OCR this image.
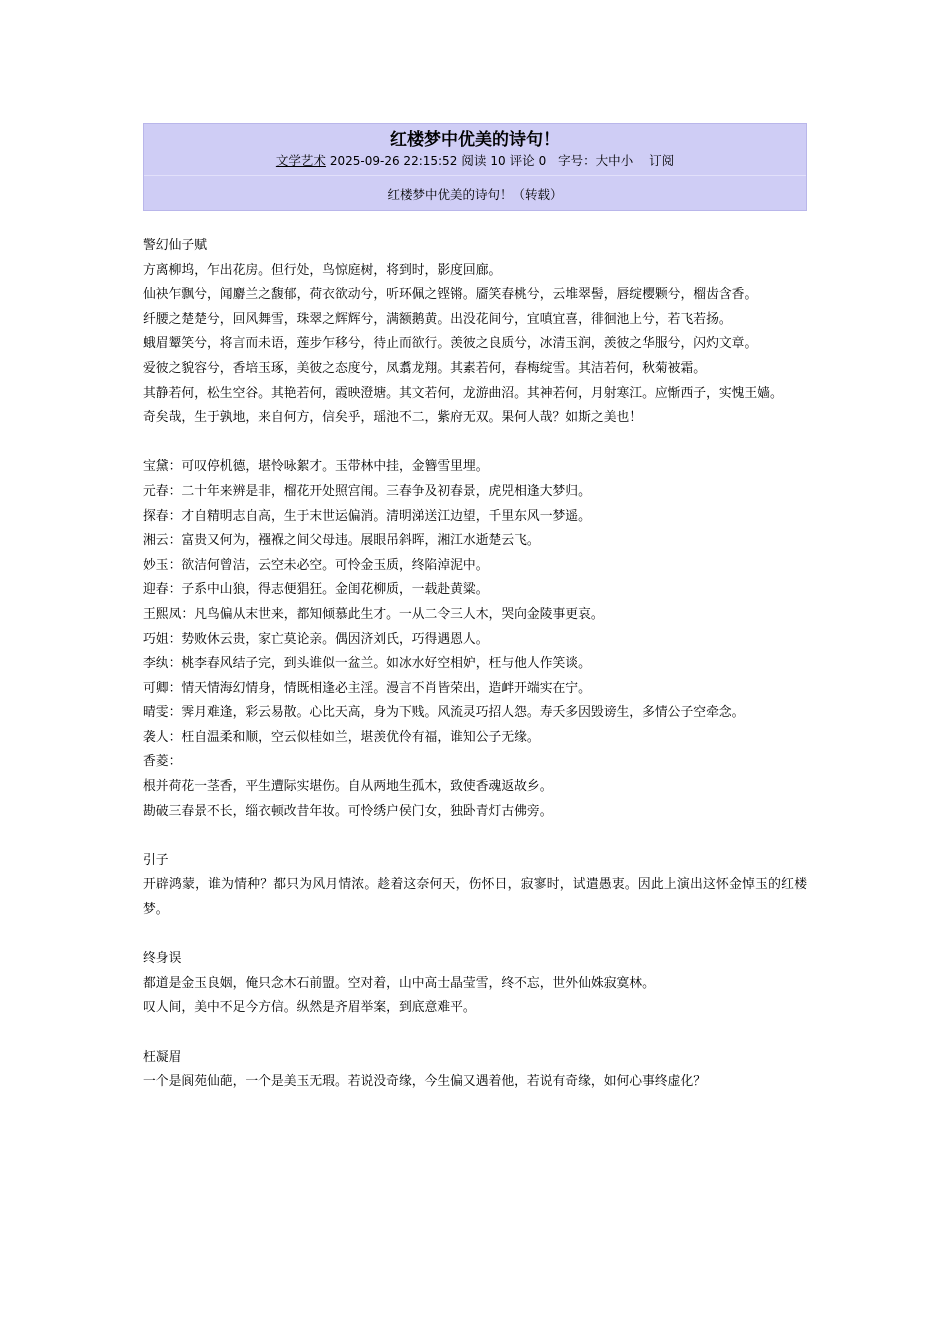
红楼梦中优美的诗句！
文学艺术 2025-09-26 22:15:52 阅读 10 评论 0 字号：大中小 订阅
红楼梦中优美的诗句！（转载）

警幻仙子赋

方离柳坞，乍出花房。但行处，鸟惊庭树，将到时，影度回廊。

仙袂乍飘兮，闻麝兰之馥郁，荷衣欲动兮，听环佩之铿锵。靥笑春桃兮，云堆翠髻，唇绽樱颗兮，榴齿含香。

纤腰之楚楚兮，回风舞雪，珠翠之辉辉兮，满额鹅黄。出没花间兮，宜嗔宜喜，徘徊池上兮，若飞若扬。

蛾眉颦笑兮，将言而未语，莲步乍移兮，待止而欲行。羡彼之良质兮，冰清玉润，羡彼之华服兮，闪灼文章。

爱彼之貌容兮，香培玉琢，美彼之态度兮，凤翥龙翔。其素若何，春梅绽雪。其洁若何，秋菊被霜。

其静若何，松生空谷。其艳若何，霞映澄塘。其文若何，龙游曲沼。其神若何，月射寒江。应惭西子，实愧王嫱。

奇矣哉，生于孰地，来自何方，信矣乎，瑶池不二，紫府无双。果何人哉？如斯之美也！

宝黛：可叹停机德，堪怜咏絮才。玉带林中挂，金簪雪里埋。

元春：二十年来辨是非，榴花开处照宫闱。三春争及初春景，虎兕相逢大梦归。

探春：才自精明志自高，生于末世运偏消。清明涕送江边望，千里东风一梦遥。

湘云：富贵又何为，襁褓之间父母违。展眼吊斜晖，湘江水逝楚云飞。

妙玉：欲洁何曾洁，云空未必空。可怜金玉质，终陷淖泥中。

迎春：子系中山狼，得志便猖狂。金闺花柳质，一载赴黄粱。

王熙凤：凡鸟偏从末世来，都知倾慕此生才。一从二令三人木，哭向金陵事更哀。

巧姐：势败休云贵，家亡莫论亲。偶因济刘氏，巧得遇恩人。

李纨：桃李春风结子完，到头谁似一盆兰。如冰水好空相妒，枉与他人作笑谈。

可卿：情天情海幻情身，情既相逢必主淫。漫言不肖皆荣出，造衅开端实在宁。

晴雯：霁月难逢，彩云易散。心比天高，身为下贱。风流灵巧招人怨。寿夭多因毁谤生，多情公子空牵念。

袭人：枉自温柔和顺，空云似桂如兰，堪羡优伶有福，谁知公子无缘。

香菱：

根并荷花一茎香，平生遭际实堪伤。自从两地生孤木，致使香魂返故乡。

勘破三春景不长，缁衣顿改昔年妆。可怜绣户侯门女，独卧青灯古佛旁。

引子

开辟鸿蒙，谁为情种？都只为风月情浓。趁着这奈何天，伤怀日，寂寥时，试遣愚衷。因此上演出这怀金悼玉的红楼梦。

终身误

都道是金玉良姻，俺只念木石前盟。空对着，山中高士晶莹雪，终不忘，世外仙姝寂寞林。

叹人间，美中不足今方信。纵然是齐眉举案，到底意难平。

枉凝眉

一个是阆苑仙葩，一个是美玉无瑕。若说没奇缘，今生偏又遇着他，若说有奇缘，如何心事终虚化？
